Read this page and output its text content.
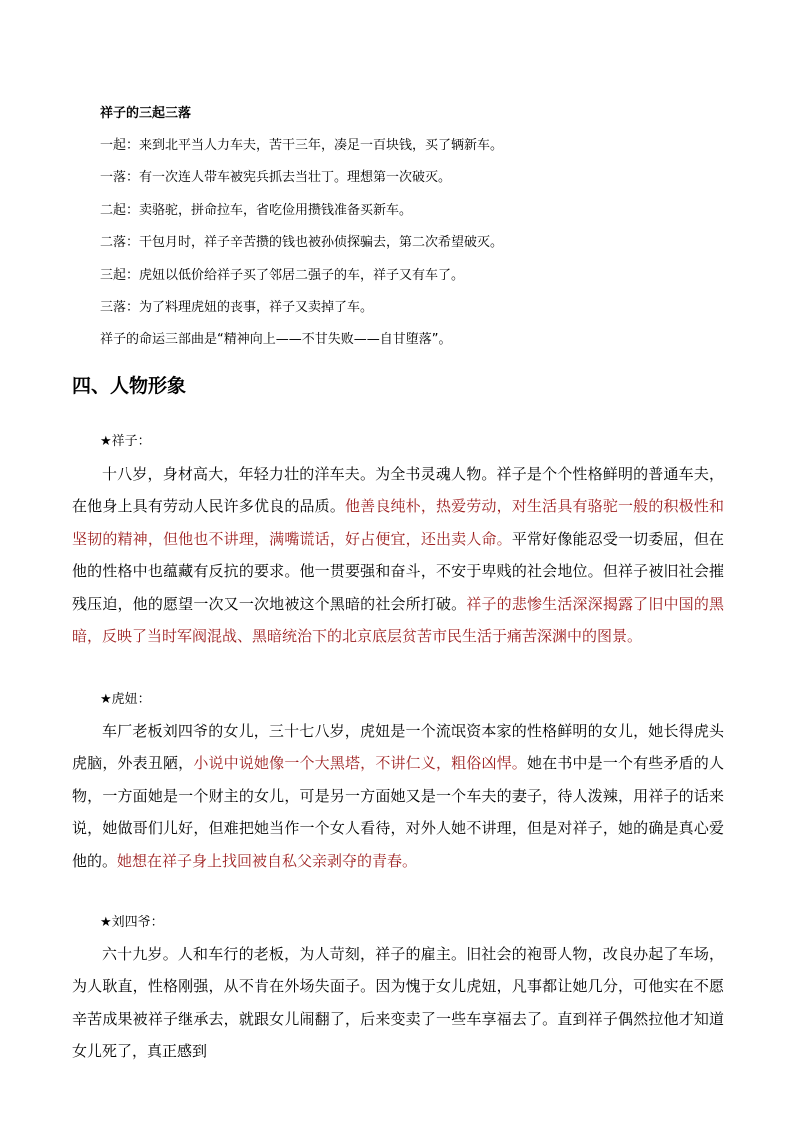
祥子的三起三落
一起：来到北平当人力车夫，苦干三年，凑足一百块钱，买了辆新车。
一落：有一次连人带车被宪兵抓去当壮丁。理想第一次破灭。
二起：卖骆驼，拼命拉车，省吃俭用攒钱准备买新车。
二落：干包月时，祥子辛苦攒的钱也被孙侦探骗去，第二次希望破灭。
三起：虎妞以低价给祥子买了邻居二强子的车，祥子又有车了。
三落：为了料理虎妞的丧事，祥子又卖掉了车。
祥子的命运三部曲是“精神向上——不甘失败——自甘堕落”。
四、人物形象
★祥子：

十八岁，身材高大，年轻力壮的洋车夫。为全书灵魂人物。祥子是个个性格鲜明的普通车夫，在他身上具有劳动人民许多优良的品质。他善良纯朴，热爱劳动，对生活具有骆驼一般的积极性和坚韧的精神，但他也不讲理，满嘴谎话，好占便宜，还出卖人命。平常好像能忍受一切委屈，但在他的性格中也蕴藏有反抗的要求。他一贯要强和奋斗，不安于卑贱的社会地位。但祥子被旧社会摧残压迫，他的愿望一次又一次地被这个黑暗的社会所打破。祥子的悲惨生活深深揭露了旧中国的黑暗，反映了当时军阀混战、黑暗统治下的北京底层贫苦市民生活于痛苦深渊中的图景。

★虎妞：

车厂老板刘四爷的女儿，三十七八岁，虎妞是一个流氓资本家的性格鲜明的女儿，她长得虎头虎脑，外表丑陋，小说中说她像一个大黑塔，不讲仁义，粗俗凶悍。她在书中是一个有些矛盾的人物，一方面她是一个财主的女儿，可是另一方面她又是一个车夫的妻子，待人泼辣，用祥子的话来说，她做哥们儿好，但难把她当作一个女人看待，对外人她不讲理，但是对祥子，她的确是真心爱他的。她想在祥子身上找回被自私父亲剥夺的青春。

★刘四爷：

六十九岁。人和车行的老板，为人苛刻，祥子的雇主。旧社会的袍哥人物，改良办起了车场，为人耿直，性格刚强，从不肯在外场失面子。因为愧于女儿虎妞，凡事都让她几分，可他实在不愿辛苦成果被祥子继承去，就跟女儿闹翻了，后来变卖了一些车享福去了。直到祥子偶然拉他才知道女儿死了，真正感到
